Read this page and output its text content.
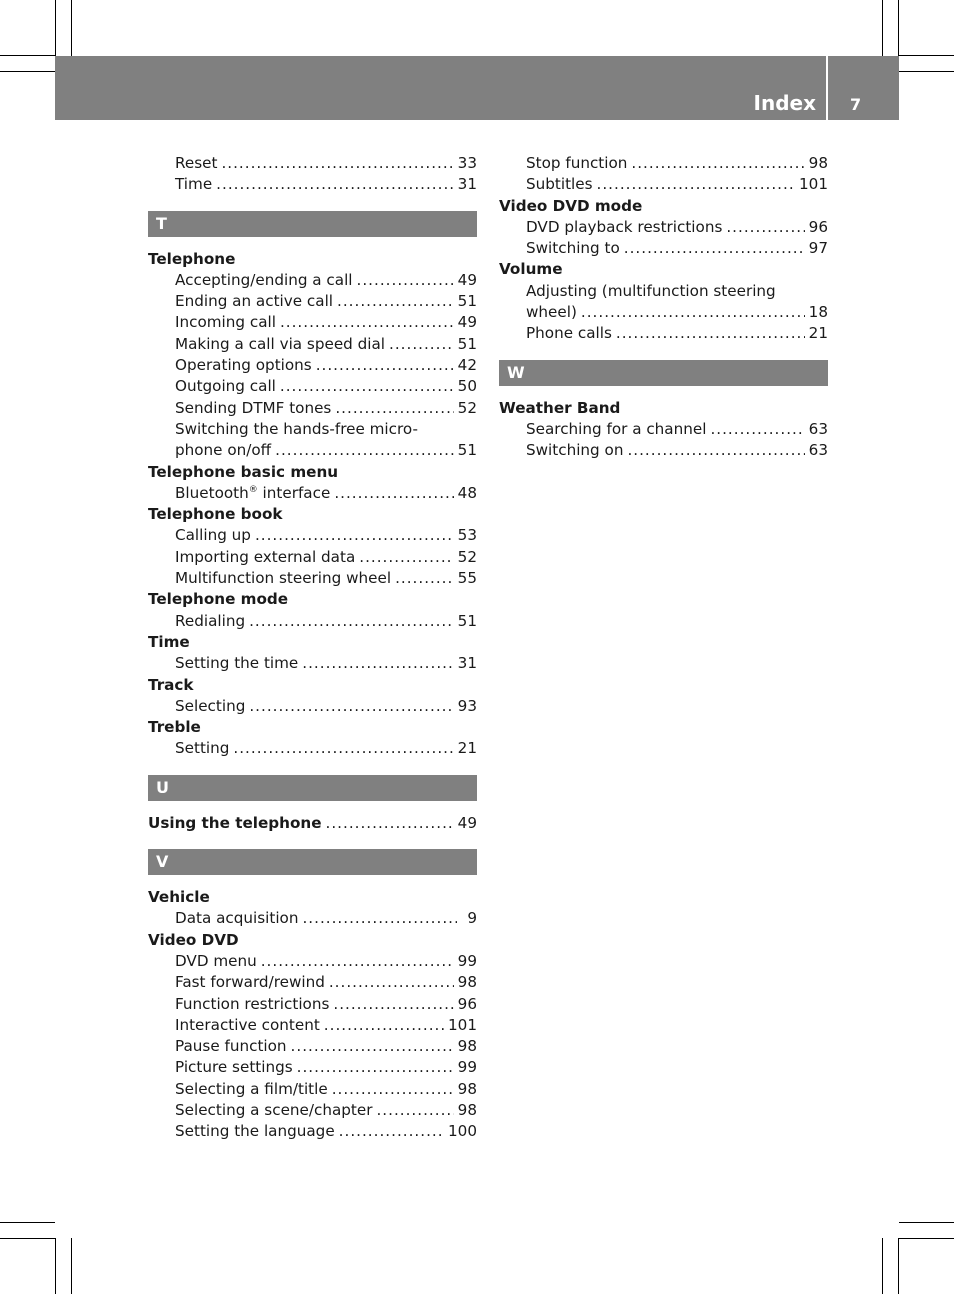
Index 7
Reset .....	33
Time .....	31
T
Telephone
Accepting/ending a call .....	49
Ending an active call .....	51
Incoming call .....	49
Making a call via speed dial .....	51
Operating options .....	42
Outgoing call .....	50
Sending DTMF tones .....	52
Switching the hands-free micro-
phone on/off .....	51
Telephone basic menu
Bluetooth® interface .....	48
Telephone book
Calling up .....	53
Importing external data .....	52
Multifunction steering wheel .....	55
Telephone mode
Redialing .....	51
Time
Setting the time .....	31
Track
Selecting .....	93
Treble
Setting .....	21
U
Using the telephone .....	49
V
Vehicle
Data acquisition .....	9
Video DVD
DVD menu .....	99
Fast forward/rewind .....	98
Function restrictions .....	96
Interactive content .....	101
Pause function .....	98
Picture settings .....	99
Selecting a film/title .....	98
Selecting a scene/chapter .....	98
Setting the language .....	100
Stop function .....	98
Subtitles .....	101
Video DVD mode
DVD playback restrictions .....	96
Switching to .....	97
Volume
Adjusting (multifunction steering
wheel) .....	18
Phone calls .....	21
W
Weather Band
Searching for a channel .....	63
Switching on .....	63
